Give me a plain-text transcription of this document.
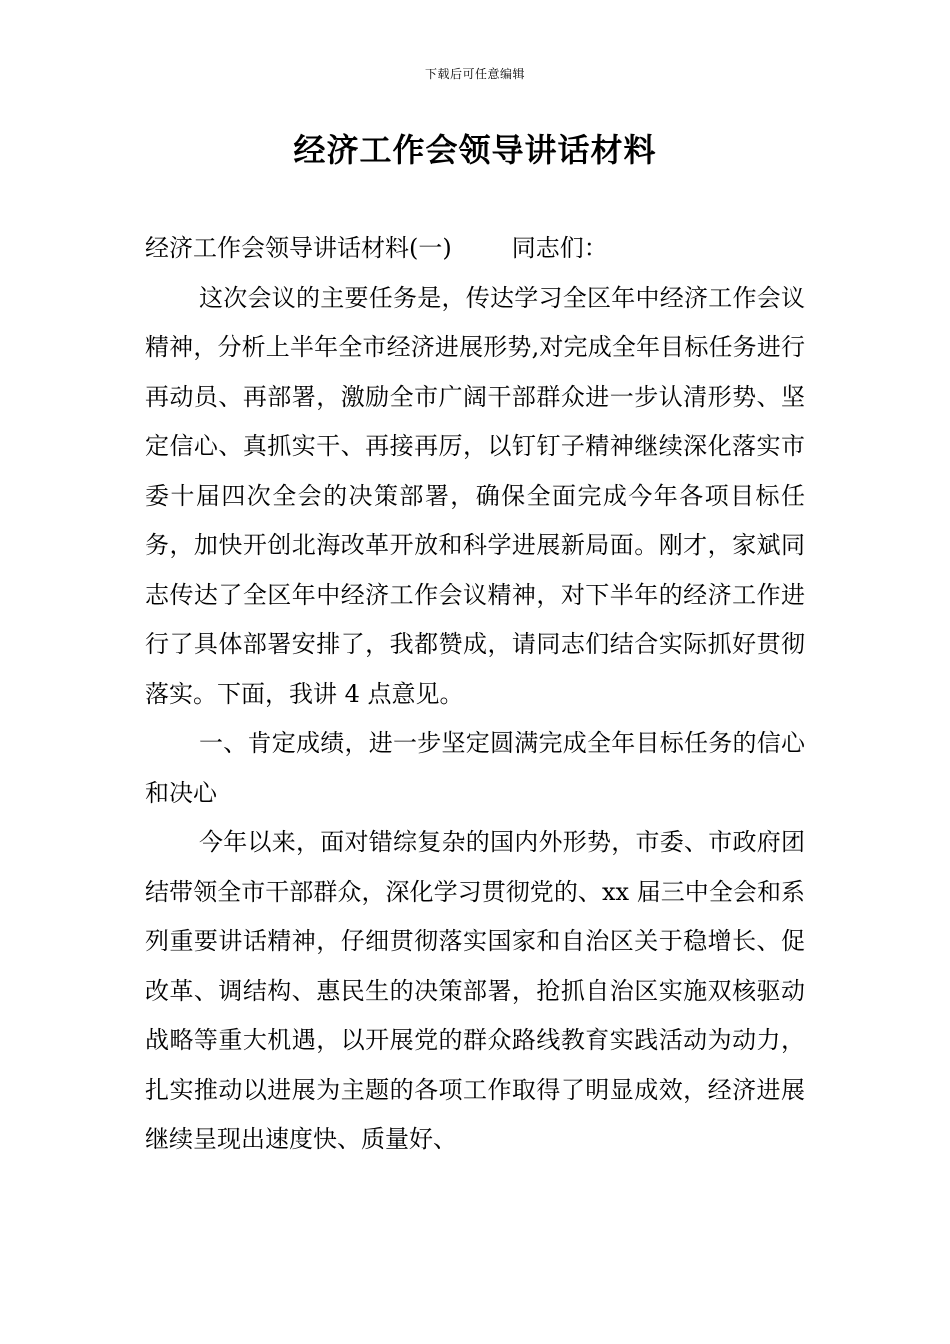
下载后可任意编辑
经济工作会领导讲话材料

经济工作会领导讲话材料(一)	同志们：

这次会议的主要任务是，传达学习全区年中经济工作会议精神，分析上半年全市经济进展形势,对完成全年目标任务进行再动员、再部署，激励全市广阔干部群众进一步认清形势、坚定信心、真抓实干、再接再厉，以钉钉子精神继续深化落实市委十届四次全会的决策部署，确保全面完成今年各项目标任务，加快开创北海改革开放和科学进展新局面。刚才，家斌同志传达了全区年中经济工作会议精神，对下半年的经济工作进行了具体部署安排了，我都赞成，请同志们结合实际抓好贯彻落实。下面，我讲 4 点意见。

一、肯定成绩，进一步坚定圆满完成全年目标任务的信心和决心

今年以来，面对错综复杂的国内外形势，市委、市政府团结带领全市干部群众，深化学习贯彻党的、xx 届三中全会和系列重要讲话精神，仔细贯彻落实国家和自治区关于稳增长、促改革、调结构、惠民生的决策部署，抢抓自治区实施双核驱动战略等重大机遇，以开展党的群众路线教育实践活动为动力，扎实推动以进展为主题的各项工作取得了明显成效，经济进展继续呈现出速度快、质量好、
